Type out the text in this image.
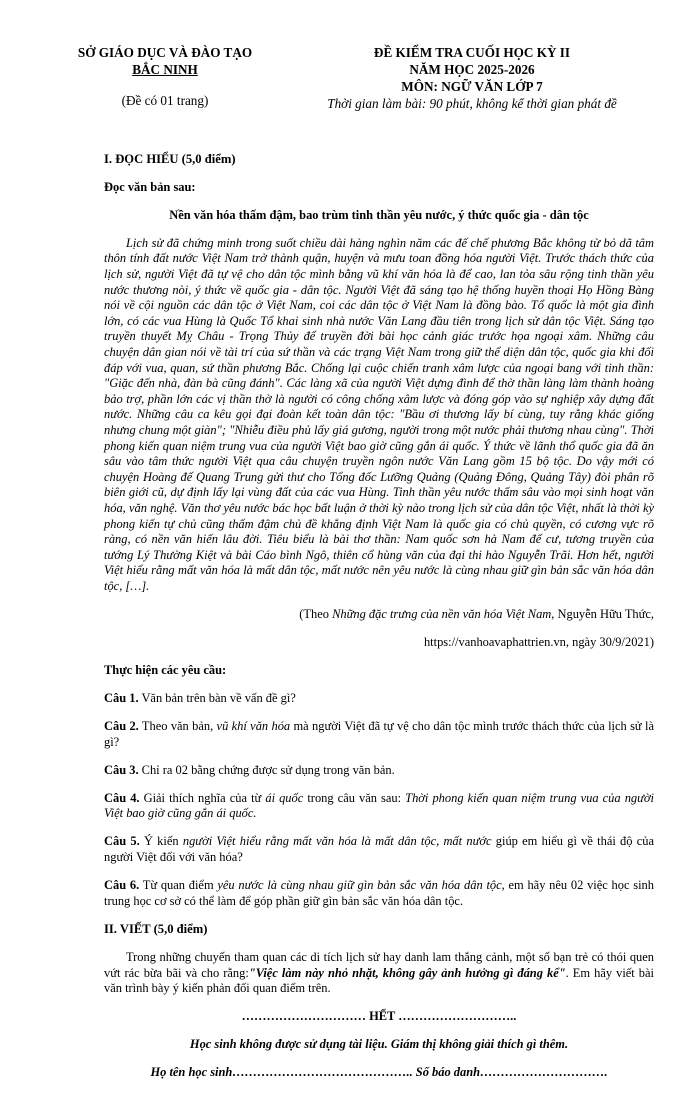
SỞ GIÁO DỤC VÀ ĐÀO TẠO
BẮC NINH
(Đề có 01 trang)
ĐỀ KIỂM TRA CUỐI HỌC KỲ II
NĂM HỌC 2025-2026
MÔN: NGỮ VĂN LỚP 7
Thời gian làm bài: 90 phút, không kể thời gian phát đề

I. ĐỌC HIỂU (5,0 điểm)

Đọc văn bản sau:

Nền văn hóa thấm đậm, bao trùm tinh thần yêu nước, ý thức quốc gia - dân tộc

Lịch sử đã chứng minh trong suốt chiều dài hàng nghìn năm các đế chế phương Bắc không từ bỏ dã tâm thôn tính đất nước Việt Nam trở thành quận, huyện và mưu toan đồng hóa người Việt. Trước thách thức của lịch sử, người Việt đã tự vệ cho dân tộc mình bằng vũ khí văn hóa là để cao, lan tỏa sâu rộng tinh thần yêu nước thương nòi, ý thức về quốc gia - dân tộc. Người Việt đã sáng tạo hệ thống huyền thoại Họ Hồng Bàng nói về cội nguồn các dân tộc ở Việt Nam, coi các dân tộc ở Việt Nam là đồng bào. Tổ quốc là một gia đình lớn, có các vua Hùng là Quốc Tổ khai sinh nhà nước Văn Lang đầu tiên trong lịch sử dân tộc Việt. Sáng tạo truyền thuyết Mỵ Châu - Trọng Thủy để truyền đời bài học cảnh giác trước họa ngoại xâm. Những câu chuyện dân gian nói về tài trí của sứ thần và các trạng Việt Nam trong giữ thể diện dân tộc, quốc gia khi đối đáp với vua, quan, sứ thần phương Bắc. Chống lại cuộc chiến tranh xâm lược của ngoại bang với tinh thần: "Giặc đến nhà, đàn bà cũng đánh". Các làng xã của người Việt dựng đình để thờ thần làng làm thành hoàng bảo trợ, phần lớn các vị thần thờ là người có công chống xâm lược và đóng góp vào sự nghiệp xây dựng đất nước. Những câu ca kêu gọi đại đoàn kết toàn dân tộc: "Bầu ơi thương lấy bí cùng, tuy rằng khác giống nhưng chung một giàn"; "Nhiễu điều phủ lấy giá gương, người trong một nước phải thương nhau cùng". Thời phong kiến quan niệm trung vua của người Việt bao giờ cũng gắn ái quốc. Ý thức về lãnh thổ quốc gia đã ăn sâu vào tâm thức người Việt qua câu chuyện truyền ngôn nước Văn Lang gồm 15 bộ tộc. Do vậy mới có chuyện Hoàng đế Quang Trung gửi thư cho Tổng đốc Lưỡng Quảng (Quảng Đông, Quảng Tây) đòi phân rõ biên giới cũ, dự định lấy lại vùng đất của các vua Hùng. Tinh thần yêu nước thấm sâu vào mọi sinh hoạt văn hóa, văn nghệ. Văn thơ yêu nước bác học bất luận ở thời kỳ nào trong lịch sử của dân tộc Việt, nhất là thời kỳ phong kiến tự chủ cũng thấm đậm chủ đề khẳng định Việt Nam là quốc gia có chủ quyền, có cương vực rõ ràng, có nền văn hiến lâu đời. Tiêu biểu là bài thơ thần: Nam quốc sơn hà Nam đế cư, tương truyền của tướng Lý Thường Kiệt và bài Cáo bình Ngô, thiên cổ hùng văn của đại thi hào Nguyễn Trãi. Hơn hết, người Việt hiểu rằng mất văn hóa là mất dân tộc, mất nước nên yêu nước là cùng nhau giữ gìn bản sắc văn hóa dân tộc, […].

(Theo Những đặc trưng của nền văn hóa Việt Nam, Nguyễn Hữu Thức,

https://vanhoavaphattrien.vn, ngày 30/9/2021)

Thực hiện các yêu cầu:

Câu 1. Văn bản trên bàn về vấn đề gì?

Câu 2. Theo văn bản, vũ khí văn hóa mà người Việt đã tự vệ cho dân tộc mình trước thách thức của lịch sử là gì?

Câu 3. Chỉ ra 02 bằng chứng được sử dụng trong văn bản.

Câu 4. Giải thích nghĩa của từ ái quốc trong câu văn sau: Thời phong kiến quan niệm trung vua của người Việt bao giờ cũng gắn ái quốc.

Câu 5. Ý kiến người Việt hiểu rằng mất văn hóa là mất dân tộc, mất nước giúp em hiểu gì về thái độ của người Việt đối với văn hóa?

Câu 6. Từ quan điểm yêu nước là cùng nhau giữ gìn bản sắc văn hóa dân tộc, em hãy nêu 02 việc học sinh trung học cơ sở có thể làm để góp phần giữ gìn bản sắc văn hóa dân tộc.

II. VIẾT (5,0 điểm)

Trong những chuyến tham quan các di tích lịch sử hay danh lam thắng cảnh, một số bạn trẻ có thói quen vứt rác bừa bãi và cho rằng:"Việc làm này nhỏ nhặt, không gây ảnh hưởng gì đáng kể". Em hãy viết bài văn trình bày ý kiến phản đối quan điểm trên.

………………………… HẾT ………………………..

Học sinh không được sử dụng tài liệu. Giám thị không giải thích gì thêm.

Họ tên học sinh…………………………………….. Số báo danh………………………….
